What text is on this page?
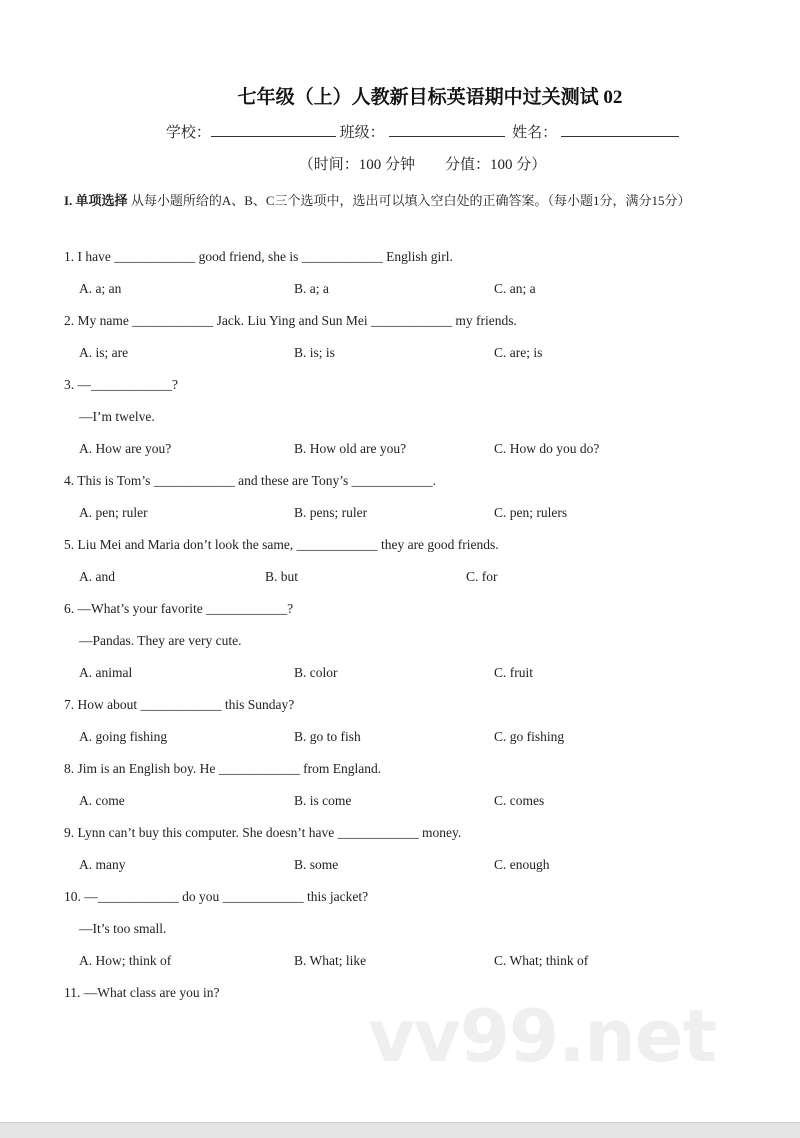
七年级（上）人教新目标英语期中过关测试 02
学校：	班级：	姓名：
（时间：100 分钟　　分值：100 分）
I. 单项选择 从每小题所给的A、B、C三个选项中，选出可以填入空白处的正确答案。（每小题1分，满分15分）
1. I have ____________ good friend, she is ____________ English girl.
A. a; an	B. a; a	C. an; a
2. My name ____________ Jack. Liu Ying and Sun Mei ____________ my friends.
A. is; are	B. is; is	C. are; is
3. —____________?
—I’m twelve.
A. How are you?	B. How old are you?	C. How do you do?
4. This is Tom’s ____________ and these are Tony’s ____________.
A. pen; ruler	B. pens; ruler	C. pen; rulers
5. Liu Mei and Maria don’t look the same, ____________ they are good friends.
A. and	B. but	C. for
6. —What’s your favorite ____________?
—Pandas. They are very cute.
A. animal	B. color	C. fruit
7. How about ____________ this Sunday?
A. going fishing	B. go to fish	C. go fishing
8. Jim is an English boy. He ____________ from England.
A. come	B. is come	C. comes
9. Lynn can’t buy this computer. She doesn’t have ____________ money.
A. many	B. some	C. enough
10. —____________ do you ____________ this jacket?
—It’s too small.
A. How; think of	B. What; like	C. What; think of
11. —What class are you in?
vv99.net
